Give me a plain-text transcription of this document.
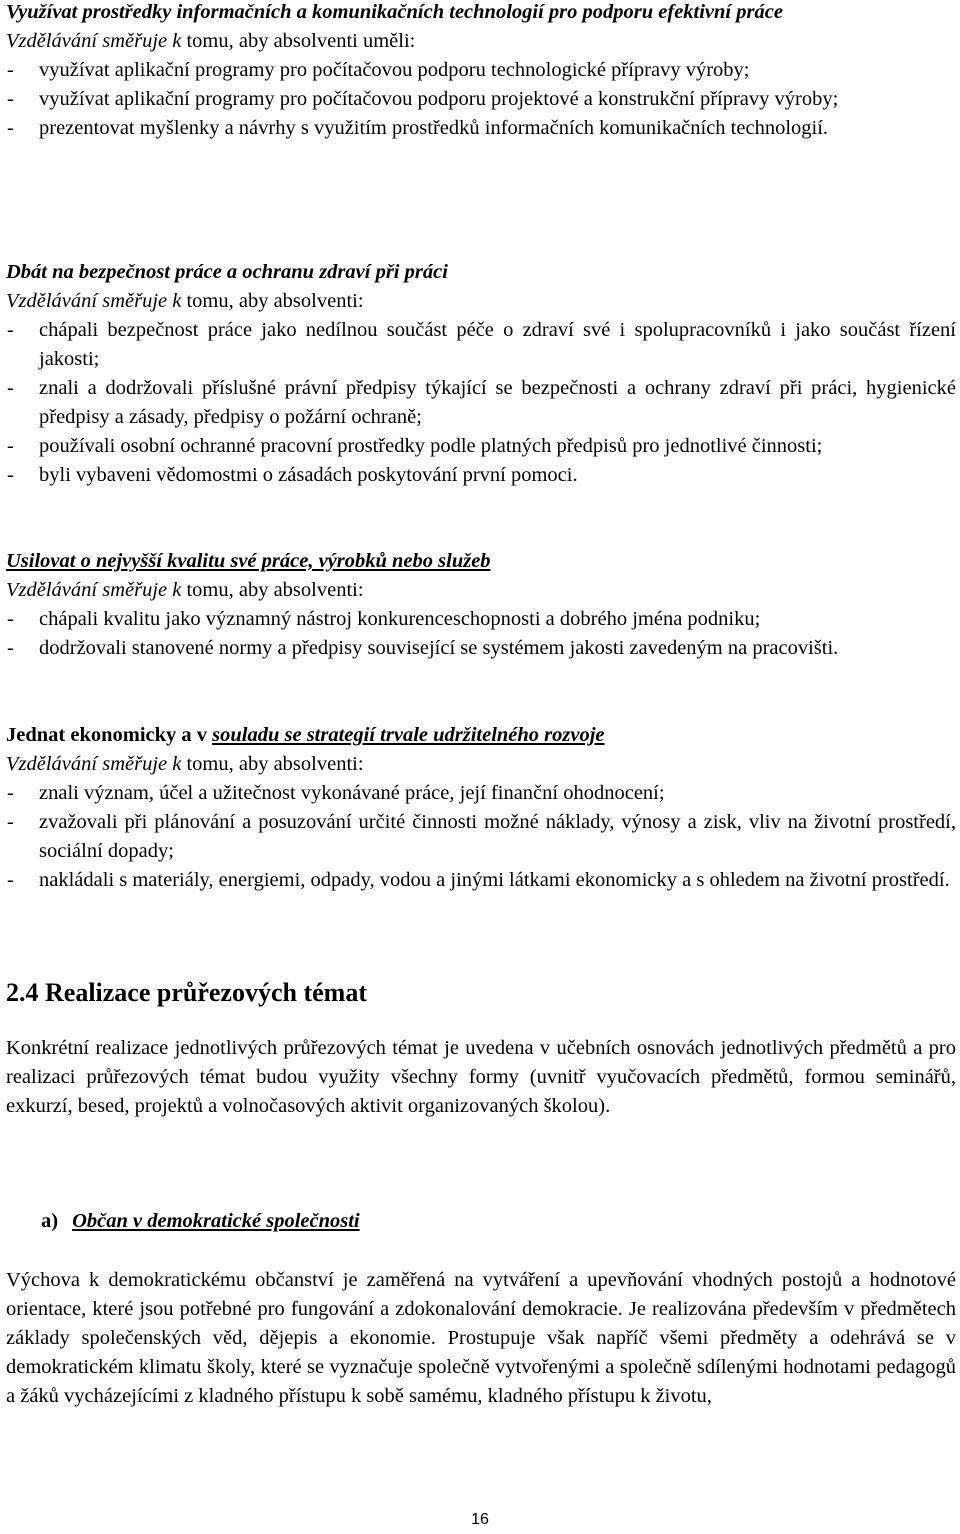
Využívat prostředky informačních a komunikačních technologií pro podporu efektivní práce
Vzdělávání směřuje k tomu, aby absolventi uměli:
- využívat aplikační programy pro počítačovou podporu technologické přípravy výroby;
- využívat aplikační programy pro počítačovou podporu projektové a konstrukční přípravy výroby;
- prezentovat myšlenky a návrhy s využitím prostředků informačních komunikačních technologií.
Dbát na bezpečnost práce a ochranu zdraví při práci
Vzdělávání směřuje k tomu, aby absolventi:
- chápali bezpečnost práce jako nedílnou součást péče o zdraví své i spolupracovníků i jako součást řízení jakosti;
- znali a dodržovali příslušné právní předpisy týkající se bezpečnosti a ochrany zdraví při práci, hygienické předpisy a zásady, předpisy o požární ochraně;
- používali osobní ochranné pracovní prostředky podle platných předpisů pro jednotlivé činnosti;
- byli vybaveni vědomostmi o zásadách poskytování první pomoci.
Usilovat o nejvyšší kvalitu své práce, výrobků nebo služeb
Vzdělávání směřuje k tomu, aby absolventi:
- chápali kvalitu jako významný nástroj konkurenceschopnosti a dobrého jména podniku;
- dodržovali stanovené normy a předpisy související se systémem jakosti zavedeným na pracovišti.
Jednat ekonomicky a v souladu se strategií trvale udržitelného rozvoje
Vzdělávání směřuje k tomu, aby absolventi:
- znali význam, účel a užitečnost vykonávané práce, její finanční ohodnocení;
- zvažovali při plánování a posuzování určité činnosti možné náklady, výnosy a zisk, vliv na životní prostředí, sociální dopady;
- nakládali s materiály, energiemi, odpady, vodou a jinými látkami ekonomicky a s ohledem na životní prostředí.
2.4 Realizace průřezových témat

Konkrétní realizace jednotlivých průřezových témat je uvedena v učebních osnovách jednotlivých předmětů a pro realizaci průřezových témat budou využity všechny formy (uvnitř vyučovacích předmětů, formou seminářů, exkurzí, besed, projektů a volnočasových aktivit organizovaných školou).

a) Občan v demokratické společnosti

Výchova k demokratickému občanství je zaměřená na vytváření a upevňování vhodných postojů a hodnotové orientace, které jsou potřebné pro fungování a zdokonalování demokracie. Je realizována především v předmětech základy společenských věd, dějepis a ekonomie. Prostupuje však napříč všemi předměty a odehrává se v demokratickém klimatu školy, které se vyznačuje společně vytvořenými a společně sdílenými hodnotami pedagogů a žáků vycházejícími z kladného přístupu k sobě samému, kladného přístupu k životu,

16
